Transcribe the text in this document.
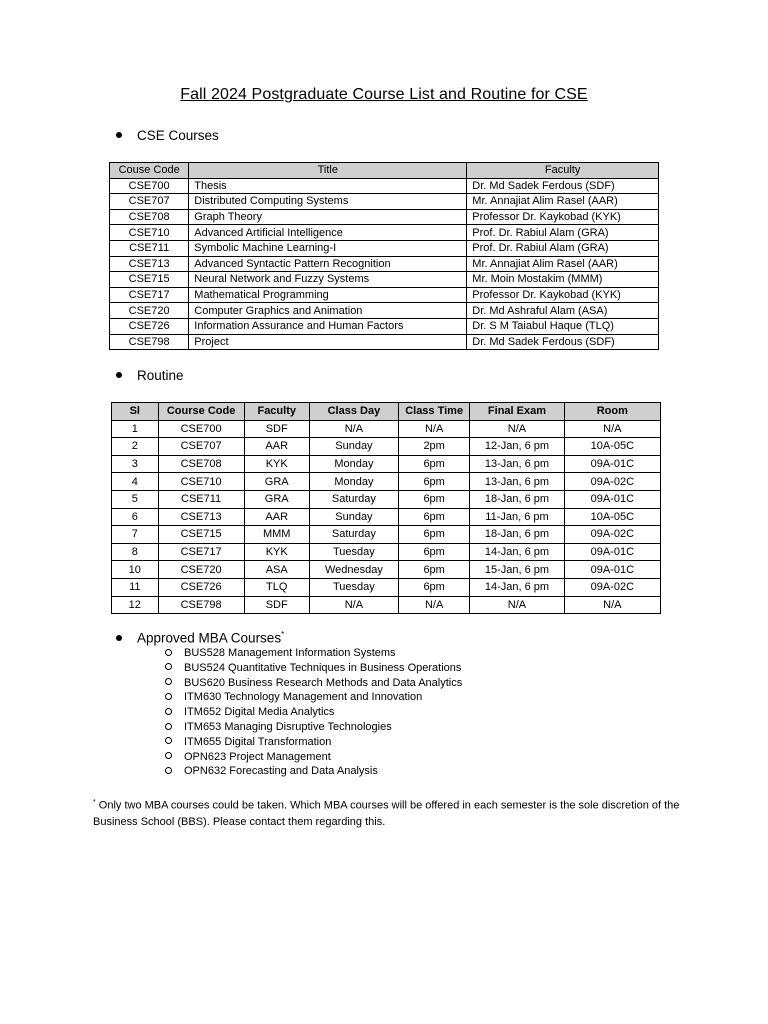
Fall 2024 Postgraduate Course List and Routine for CSE
CSE Courses
Couse Code	Title	Faculty
CSE700	Thesis	Dr. Md Sadek Ferdous (SDF)
CSE707	Distributed Computing Systems	Mr. Annajiat Alim Rasel (AAR)
CSE708	Graph Theory	Professor Dr. Kaykobad (KYK)
CSE710	Advanced Artificial Intelligence	Prof. Dr. Rabiul Alam (GRA)
CSE711	Symbolic Machine Learning-I	Prof. Dr. Rabiul Alam (GRA)
CSE713	Advanced Syntactic Pattern Recognition	Mr. Annajiat Alim Rasel (AAR)
CSE715	Neural Network and Fuzzy Systems	Mr. Moin Mostakim (MMM)
CSE717	Mathematical Programming	Professor Dr. Kaykobad (KYK)
CSE720	Computer Graphics and Animation	Dr. Md Ashraful Alam (ASA)
CSE726	Information Assurance and Human Factors	Dr. S M Taiabul Haque (TLQ)
CSE798	Project	Dr. Md Sadek Ferdous (SDF)
Routine
Sl	Course Code	Faculty	Class Day	Class Time	Final Exam	Room
1	CSE700	SDF	N/A	N/A	N/A	N/A
2	CSE707	AAR	Sunday	2pm	12-Jan, 6 pm	10A-05C
3	CSE708	KYK	Monday	6pm	13-Jan, 6 pm	09A-01C
4	CSE710	GRA	Monday	6pm	13-Jan, 6 pm	09A-02C
5	CSE711	GRA	Saturday	6pm	18-Jan, 6 pm	09A-01C
6	CSE713	AAR	Sunday	6pm	11-Jan, 6 pm	10A-05C
7	CSE715	MMM	Saturday	6pm	18-Jan, 6 pm	09A-02C
8	CSE717	KYK	Tuesday	6pm	14-Jan, 6 pm	09A-01C
10	CSE720	ASA	Wednesday	6pm	15-Jan, 6 pm	09A-01C
11	CSE726	TLQ	Tuesday	6pm	14-Jan, 6 pm	09A-02C
12	CSE798	SDF	N/A	N/A	N/A	N/A
Approved MBA Courses*
BUS528 Management Information Systems
BUS524 Quantitative Techniques in Business Operations
BUS620 Business Research Methods and Data Analytics
ITM630 Technology Management and Innovation
ITM652 Digital Media Analytics
ITM653 Managing Disruptive Technologies
ITM655 Digital Transformation
OPN623 Project Management
OPN632 Forecasting and Data Analysis
* Only two MBA courses could be taken. Which MBA courses will be offered in each semester is the sole discretion of the Business School (BBS). Please contact them regarding this.
